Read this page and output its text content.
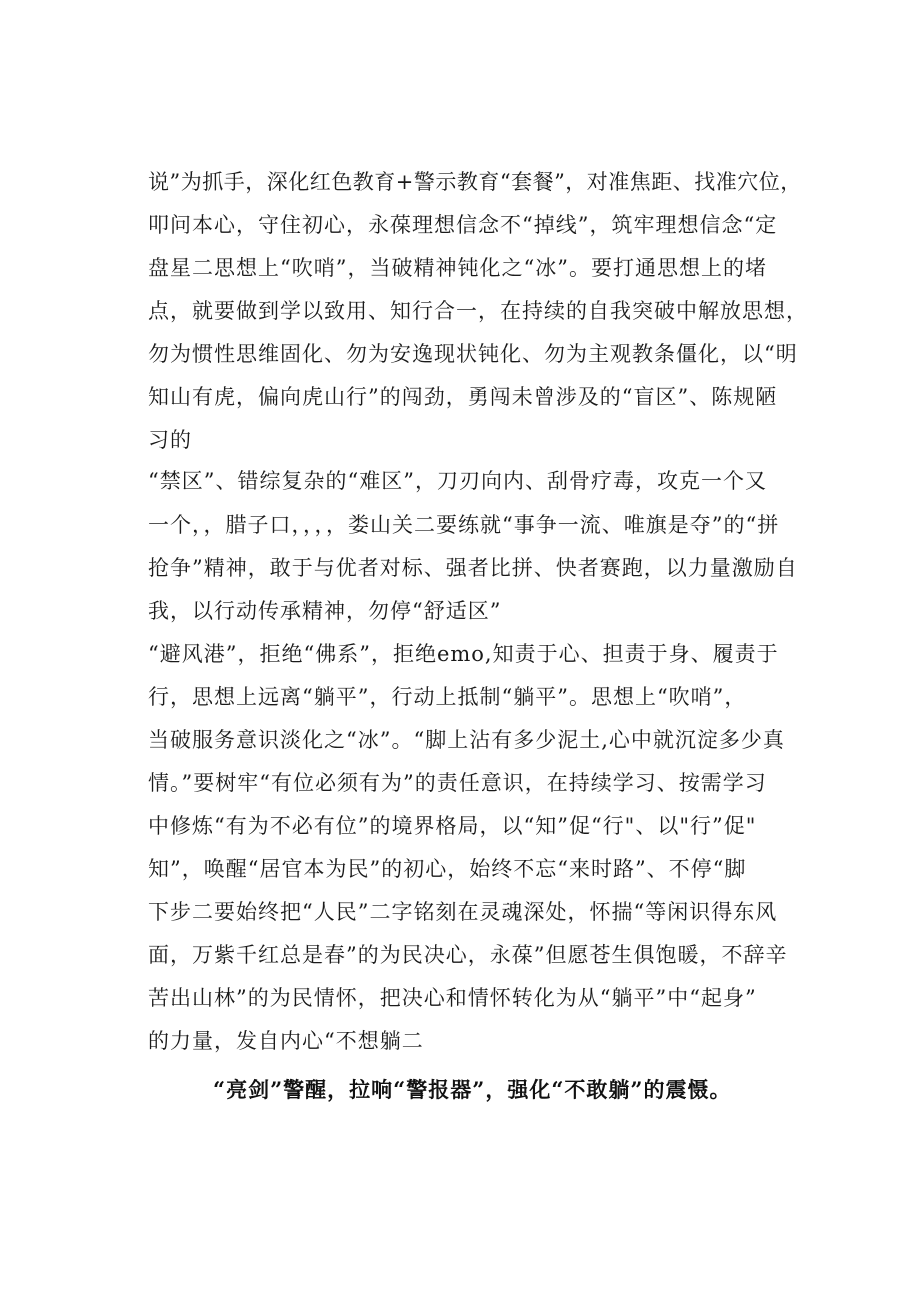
说”为抓手，深化红色教育+警示教育“套餐”，对准焦距、找准穴位，
叩问本心，守住初心，永葆理想信念不“掉线”，筑牢理想信念“定
盘星二思想上“吹哨”，当破精神钝化之“冰”。要打通思想上的堵
点，就要做到学以致用、知行合一，在持续的自我突破中解放思想，
勿为惯性思维固化、勿为安逸现状钝化、勿为主观教条僵化，以“明
知山有虎，偏向虎山行”的闯劲，勇闯未曾涉及的“盲区”、陈规陋
习的
“禁区”、错综复杂的“难区”，刀刃向内、刮骨疗毒，攻克一个又
一个，，腊子口，，，，娄山关二要练就“事争一流、唯旗是夺”的“拼
抢争”精神，敢于与优者对标、强者比拼、快者赛跑，以力量激励自
我，以行动传承精神，勿停“舒适区”
“避风港”，拒绝“佛系”，拒绝emo,知责于心、担责于身、履责于
行，思想上远离“躺平”，行动上抵制“躺平”。思想上“吹哨”，
当破服务意识淡化之“冰”。“脚上沾有多少泥土,心中就沉淀多少真
情。”要树牢“有位必须有为”的责任意识，在持续学习、按需学习
中修炼“有为不必有位”的境界格局，以“知”促“行"、以"行”促"
知”，唤醒“居官本为民”的初心，始终不忘“来时路”、不停“脚
下步二要始终把“人民”二字铭刻在灵魂深处，怀揣“等闲识得东风
面，万紫千红总是春”的为民决心，永葆”但愿苍生俱饱暖，不辞辛
苦出山林”的为民情怀，把决心和情怀转化为从“躺平”中“起身”
的力量，发自内心“不想躺二
“亮剑”警醒，拉响“警报器”，强化“不敢躺”的震慑。
